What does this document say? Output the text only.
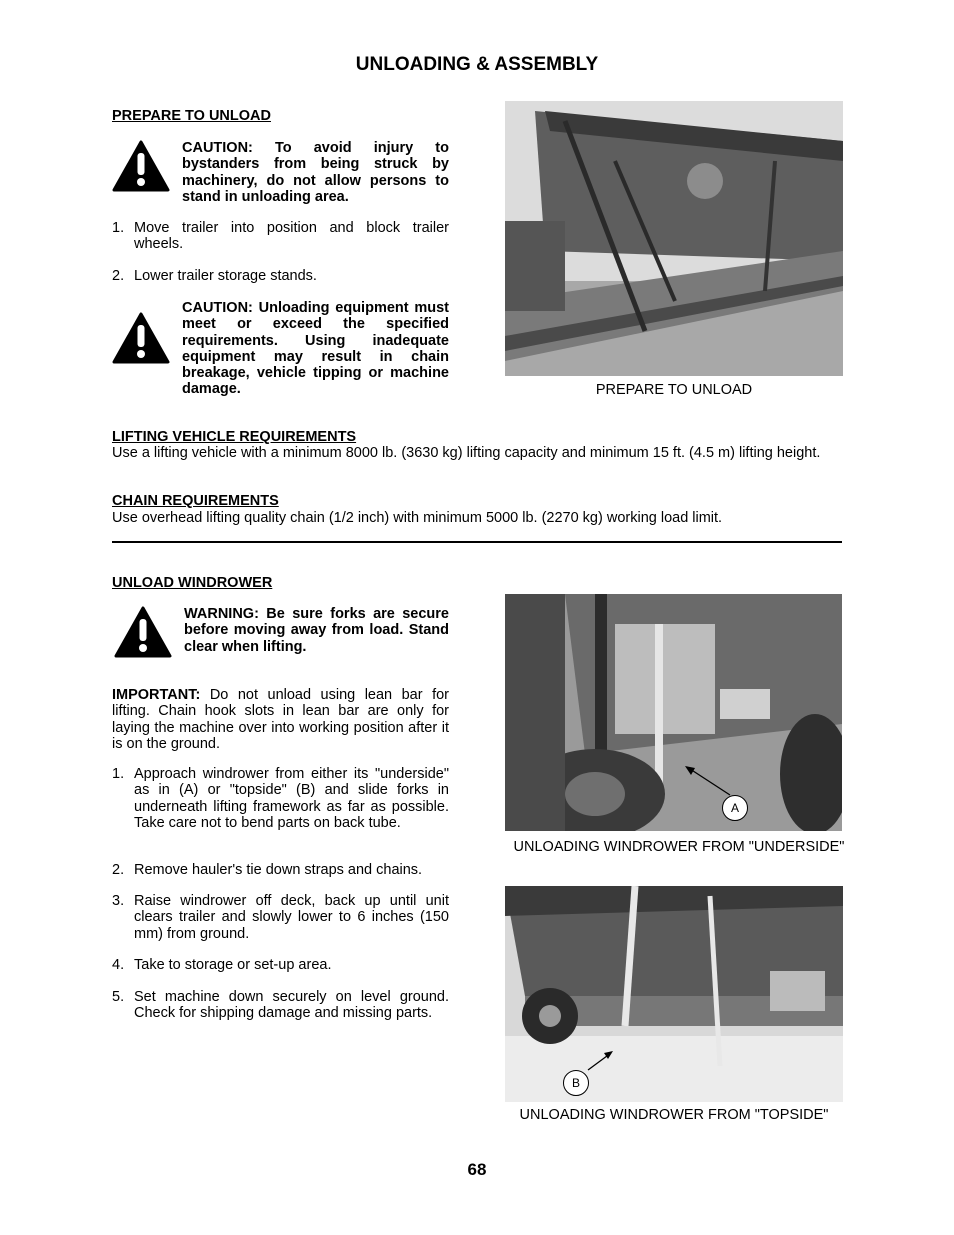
UNLOADING & ASSEMBLY
PREPARE TO UNLOAD
CAUTION: To avoid injury to bystanders from being struck by machinery, do not allow persons to stand in unloading area.
1. Move trailer into position and block trailer wheels.
2. Lower trailer storage stands.
CAUTION: Unloading equipment must meet or exceed the specified requirements. Using inadequate equipment may result in chain breakage, vehicle tipping or machine damage.	PREPARE TO UNLOAD
LIFTING VEHICLE REQUIREMENTS
Use a lifting vehicle with a minimum 8000 lb. (3630 kg) lifting capacity and minimum 15 ft. (4.5 m) lifting height.
CHAIN REQUIREMENTS
Use overhead lifting quality chain (1/2 inch) with minimum 5000 lb. (2270 kg) working load limit.
UNLOAD WINDROWER
WARNING: Be sure forks are secure before moving away from load. Stand clear when lifting.
IMPORTANT: Do not unload using lean bar for lifting. Chain hook slots in lean bar are only for laying the machine over into working position after it is on the ground.
1. Approach windrower from either its "underside" as in (A) or "topside" (B) and slide forks in underneath lifting framework as far as possible. Take care not to bend parts on back tube.
2. Remove hauler's tie down straps and chains.
3. Raise windrower off deck, back up until unit clears trailer and slowly lower to 6 inches (150 mm) from ground.
4. Take to storage or set-up area.
5. Set machine down securely on level ground. Check for shipping damage and missing parts.
A
UNLOADING WINDROWER FROM "UNDERSIDE"
B
UNLOADING WINDROWER FROM "TOPSIDE"
68
